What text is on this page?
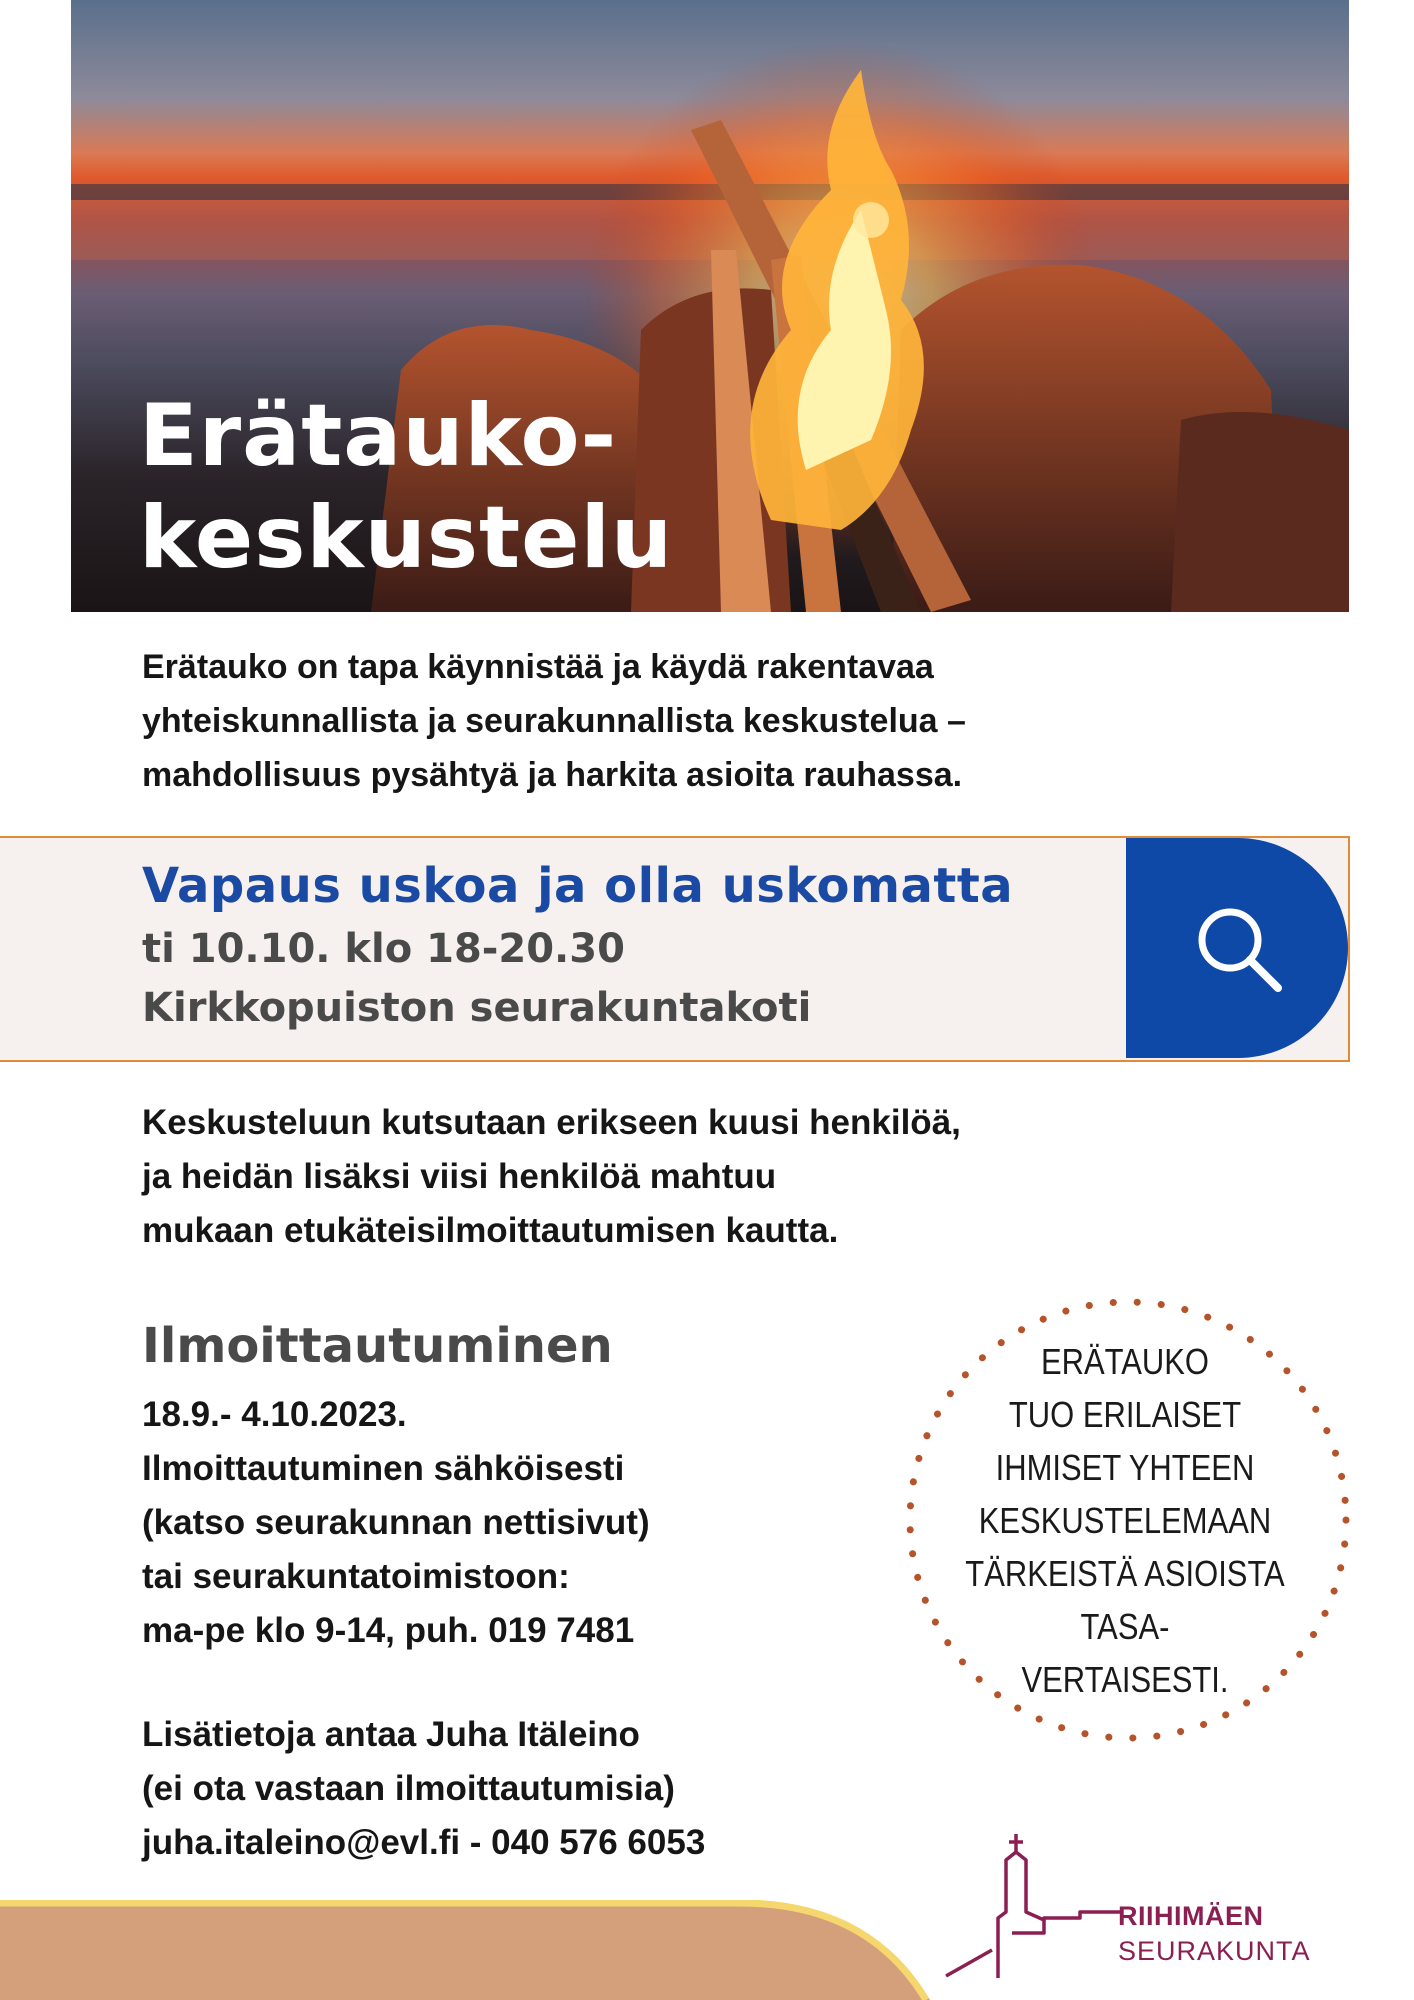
Erätauko-
keskustelu
Erätauko on tapa käynnistää ja käydä rakentavaa
yhteiskunnallista ja seurakunnallista keskustelua –
mahdollisuus pysähtyä ja harkita asioita rauhassa.
Vapaus uskoa ja olla uskomatta

ti 10.10. klo 18-20.30

Kirkkopuiston seurakuntakoti

Keskusteluun kutsutaan erikseen kuusi henkilöä,
ja heidän lisäksi viisi henkilöä mahtuu
mukaan etukäteisilmoittautumisen kautta.
Ilmoittautuminen
18.9.- 4.10.2023.
Ilmoittautuminen sähköisesti
(katso seurakunnan nettisivut)
tai seurakuntatoimistoon:
ma-pe klo 9-14, puh. 019 7481
Lisätietoja antaa Juha Itäleino
(ei ota vastaan ilmoittautumisia)
juha.italeino@evl.fi - 040 576 6053
ERÄTAUKO
TUO ERILAISET
IHMISET YHTEEN
KESKUSTELEMAAN
TÄRKEISTÄ ASIOISTA
TASA-
VERTAISESTI.

RIIHIMÄEN

SEURAKUNTA
